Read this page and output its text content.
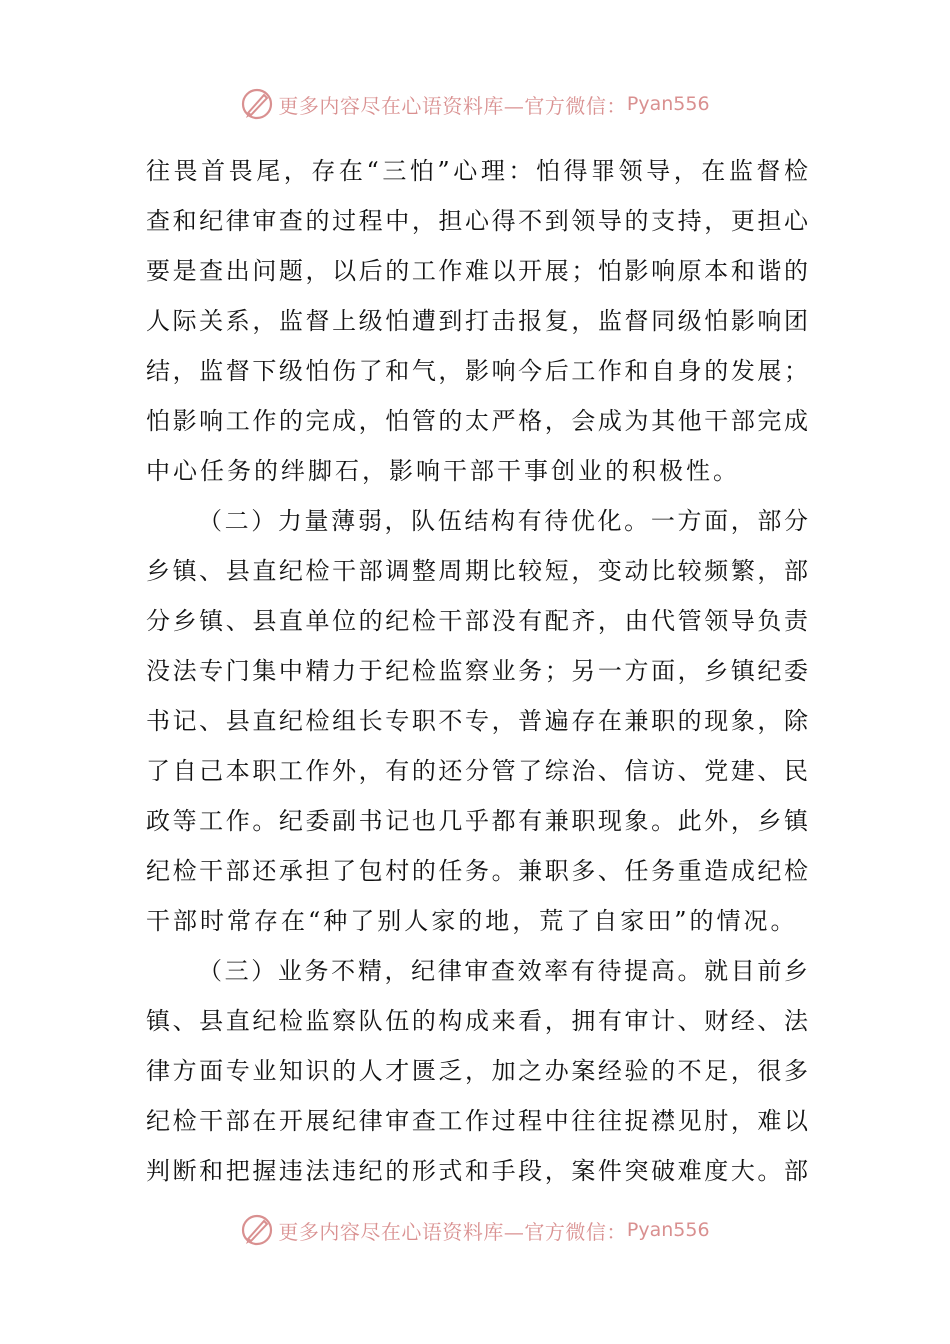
更多内容尽在心语资料库—官方微信： Pyan556
往畏首畏尾，存在“三怕”心理：怕得罪领导，在监督检
查和纪律审查的过程中，担心得不到领导的支持，更担心
要是查出问题，以后的工作难以开展；怕影响原本和谐的
人际关系，监督上级怕遭到打击报复，监督同级怕影响团
结，监督下级怕伤了和气，影响今后工作和自身的发展；
怕影响工作的完成，怕管的太严格，会成为其他干部完成
中心任务的绊脚石，影响干部干事创业的积极性。
（二）力量薄弱，队伍结构有待优化。一方面，部分
乡镇、县直纪检干部调整周期比较短，变动比较频繁，部
分乡镇、县直单位的纪检干部没有配齐，由代管领导负责
没法专门集中精力于纪检监察业务；另一方面，乡镇纪委
书记、县直纪检组长专职不专，普遍存在兼职的现象，除
了自己本职工作外，有的还分管了综治、信访、党建、民
政等工作。纪委副书记也几乎都有兼职现象。此外，乡镇
纪检干部还承担了包村的任务。兼职多、任务重造成纪检
干部时常存在“种了别人家的地，荒了自家田”的情况。
（三）业务不精，纪律审查效率有待提高。就目前乡
镇、县直纪检监察队伍的构成来看，拥有审计、财经、法
律方面专业知识的人才匮乏，加之办案经验的不足，很多
纪检干部在开展纪律审查工作过程中往往捉襟见肘，难以
判断和把握违法违纪的形式和手段，案件突破难度大。部
更多内容尽在心语资料库—官方微信： Pyan556
